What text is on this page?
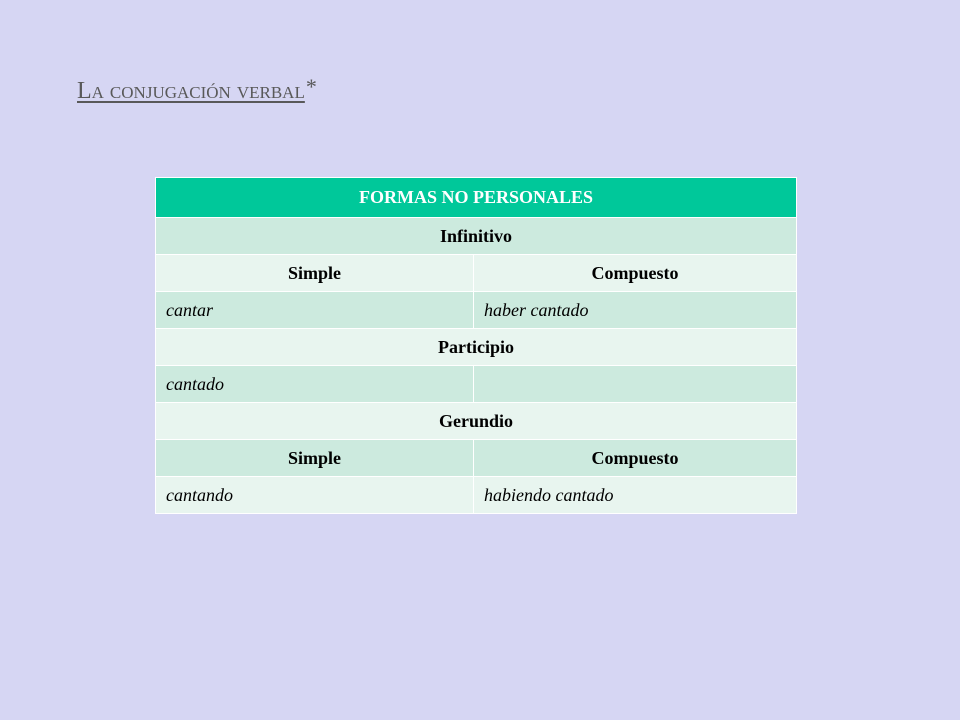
La conjugación verbal*
FORMAS NO PERSONALES	
Infinitivo	
Simple	Compuesto
cantar	haber cantado
Participio	
cantado	
Gerundio	
Simple	Compuesto
cantando	habiendo cantado
